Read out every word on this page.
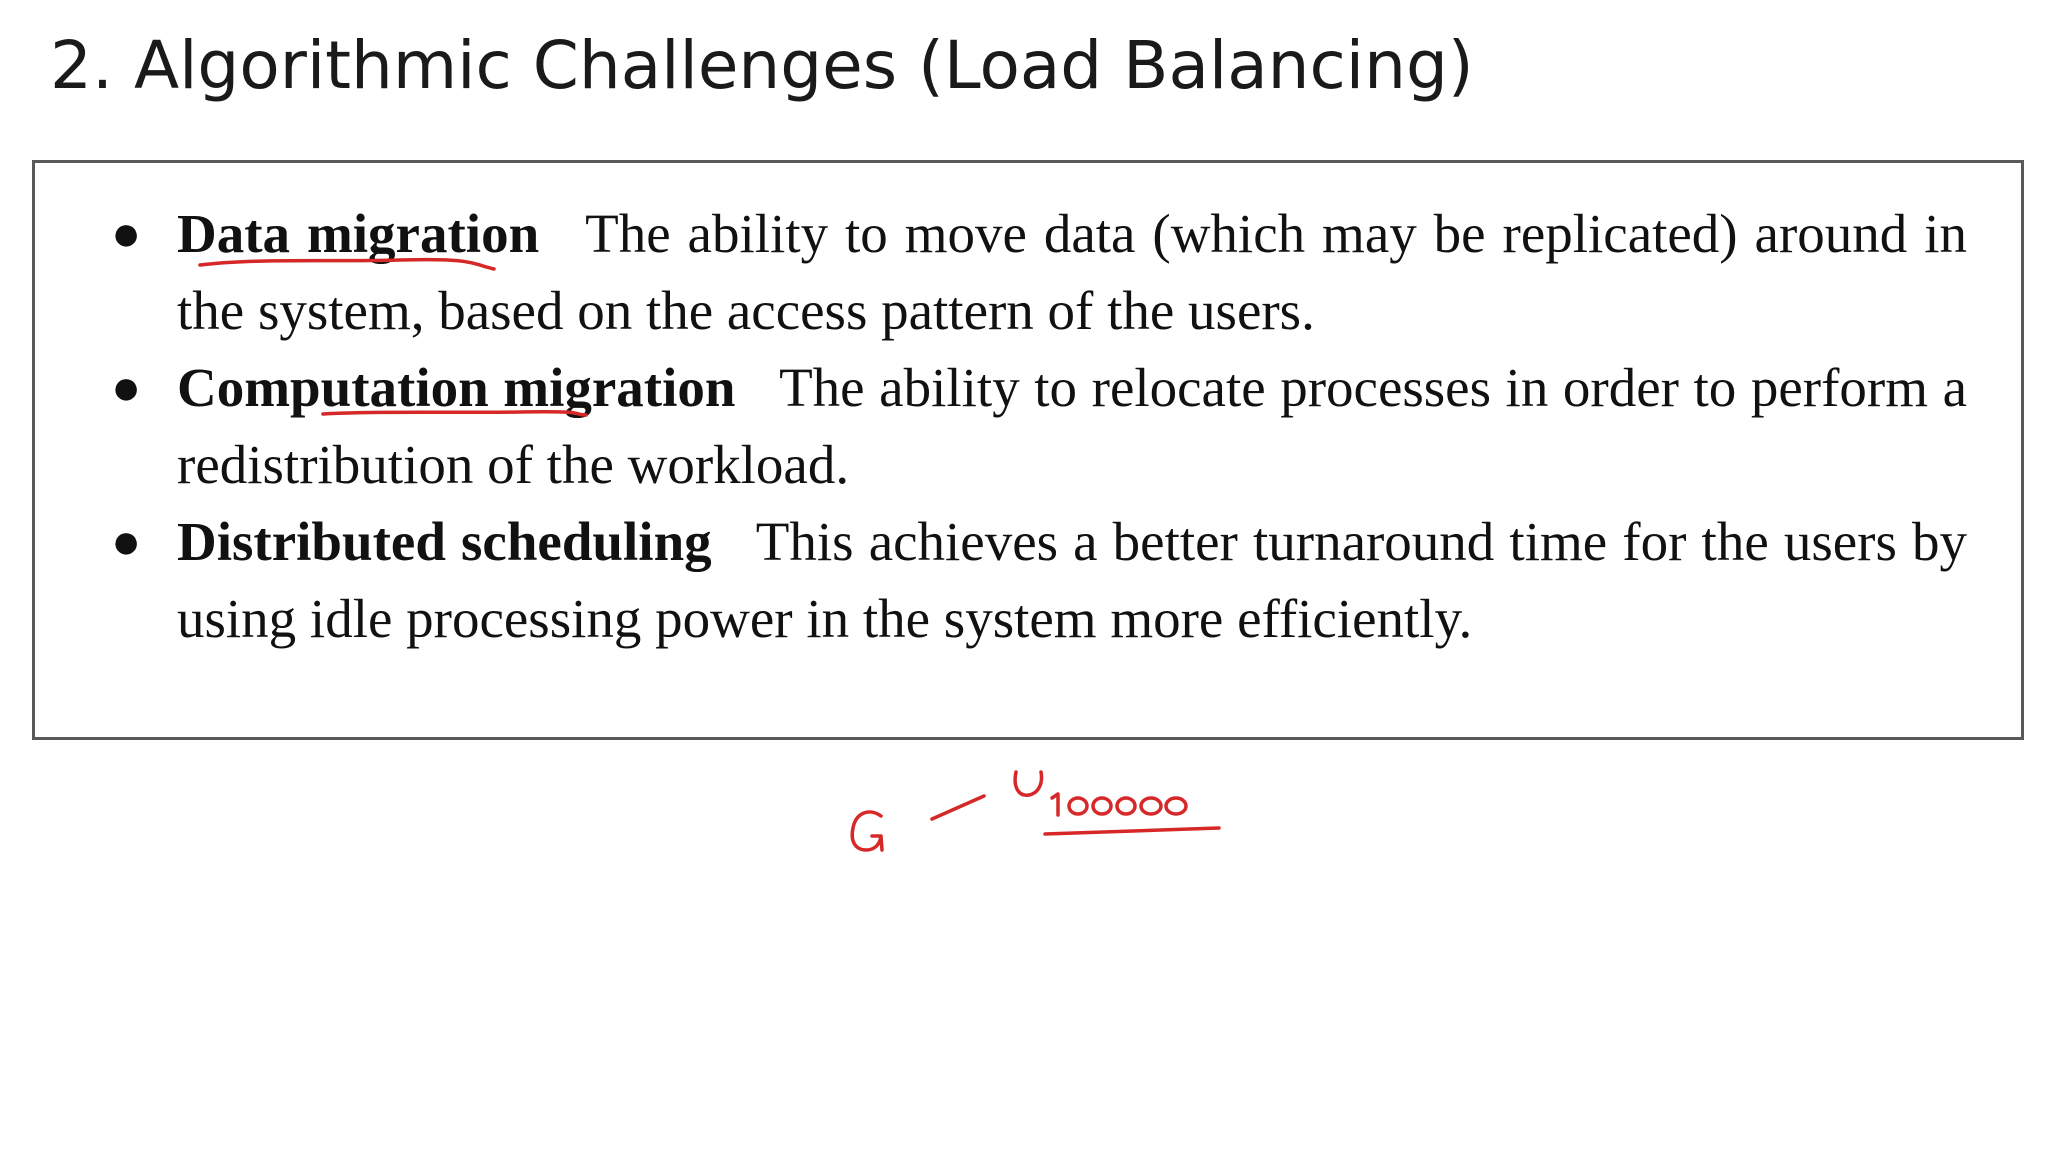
2. Algorithmic Challenges (Load Balancing)
● Data migration The ability to move data (which may be replicated) around in the system, based on the access pattern of the users.
● Computation migration The ability to relocate processes in order to perform a redistribution of the workload.
● Distributed scheduling This achieves a better turnaround time for the users by using idle processing power in the system more efficiently.
